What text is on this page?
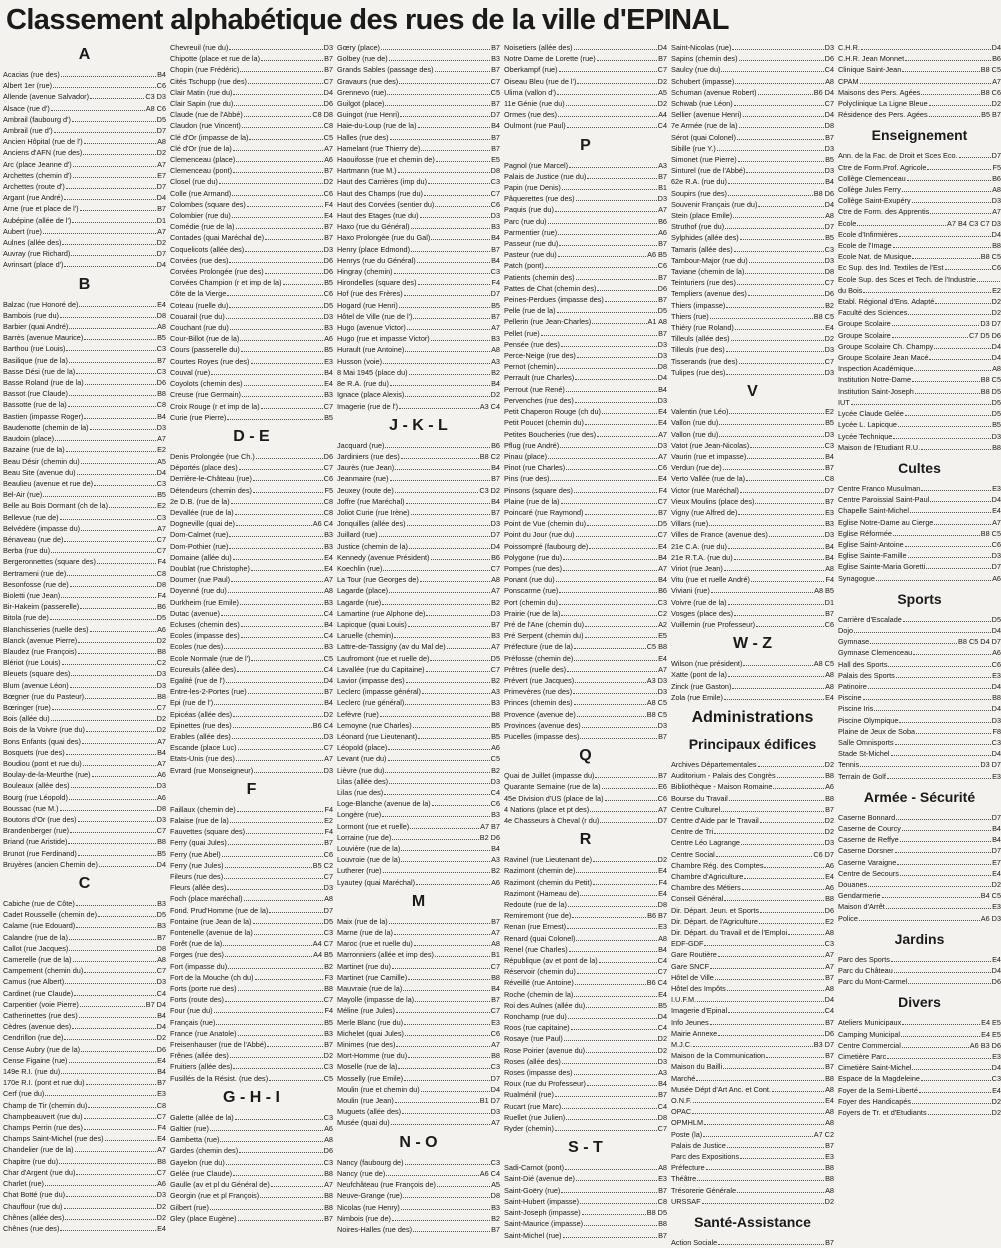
Classement alphabétique des rues de la ville d'EPINAL
A
Acacias (rue des)	B4
Albert 1er (rue)	C6
Allende (avenue Salvador)	C3 D3
Alsace (rue d')	A8 C6
Ambrail (faubourg d')	D5
Ambrail (rue d')	D7
Ancien Hôpital (rue de l')	A8
Anciens d'AFN (rue des)	D2
Arc (place Jeanne d')	A7
Archettes (chemin d')	E7
Archettes (route d')	D7
Argant (rue André)	D4
Arne (rue et place de l')	B7
Aubépine (allée de l')	D1
Aubert (rue)	A7
Aulnes (allée des)	D2
Auvray (rue Richard)	D7
Avrinsart (place d')	D4
B
Balzac (rue Honoré de)	E4
Bambois (rue du)	D8
Barbier (quai André)	A8
Barrès (avenue Maurice)	B5
Barthou (rue Louis)	C3
Basilique (rue de la)	B7
Basse Dési (rue de la)	C3
Basse Roland (rue de la)	D6
Bassot (rue Claude)	B8
Bassotte (rue de la)	C8
Bastien (impasse Roger)	B4
Baudenotte (chemin de la)	D3
Baudoin (place)	A7
Bazaine (rue de la)	E2
Beau Désir (chemin du)	A5
Beau Site (avenue du)	D4
Beaulieu (avenue et rue de)	C3
Bel-Air (rue)	B5
Belle au Bois Dormant (ch de la)	E2
Bellevue (rue de)	C3
Belvédère (impasse du)	A7
Bénaveau (rue de)	C7
Berba (rue du)	C7
Bergeronnettes (square des)	F4
Bertrameni (rue de)	C8
Besonfosse (rue de)	D8
Bioletti (rue Jean)	F4
Bir-Hakeim (passerelle)	B6
Bitola (rue de)	D5
Blanchisseries (ruelle des)	A6
Blanck (avenue Pierre)	D2
Blaudez (rue François)	B8
Blériot (rue Louis)	C2
Bleuets (square des)	D3
Blum (avenue Léon)	D3
Bœgner (rue du Pasteur)	B8
Bœringer (rue)	C7
Bois (allée du)	D2
Bois de la Voivre (rue du)	D2
Bons Enfants (quai des)	A7
Bosquets (rue des)	B4
Boudiou (pont et rue du)	A7
Boulay-de-la-Meurthe (rue)	A6
Bouleaux (allée des)	D3
Bourg (rue Léopold)	A6
Boussac (rue M.)	D8
Boutons d'Or (rue des)	D3
Brandenberger (rue)	C7
Briand (rue Aristide)	B8
Brunot (rue Ferdinand)	B5
Bruyères (ancien Chemin de)	D4
C
Cabiche (rue de Côte)	B3
Cadet Rousselle (chemin de)	D5
Calame (rue Edouard)	B3
Calandre (rue de la)	B7
Callot (rue Jacques)	D8
Camerelle (rue de la)	A8
Campement (chemin du)	C7
Camus (rue Albert)	D3
Cardinet (rue Claude)	C4
Carpentier (voie Pierre)	B7 D4
Catherinettes (rue des)	B4
Cèdres (avenue des)	D4
Cendrillon (rue de)	D2
Cense Aubry (rue de la)	D6
Cense Figaine (rue)	E4
149e R.I. (rue du)	B4
170e R.I. (pont et rue du)	B7
Cerf (rue du)	E3
Champ de Tir (chemin du)	C8
Champbeauvert (rue du)	C7
Champs Perrin (rue des)	F4
Champs Saint-Michel (rue des)	E4
Chandelier (rue de la)	A7
Chapitre (rue du)	B8
Char d'Argent (rue du)	C7
Charlet (rue)	A6
Chat Botté (rue du)	D3
Chauffour (rue du)	D2
Chênes (allée des)	D2
Chênes (rue des)	E4
Chevreuil (rue du)	D3
Chipotte (place et rue de la)	B7
Chopin (rue Frédéric)	B7
Cités Tschupp (rue des)	C7
Clair Matin (rue du)	D4
Clair Sapin (rue du)	D6
Claude (rue de l'Abbé)	C8 D8
Claudon (rue Vincent)	C8
Clé d'Or (impasse de la)	C5
Clé d'Or (rue de la)	A7
Clemenceau (place)	A6
Clemenceau (pont)	B7
Closel (rue du)	D2
Colle (rue Armand)	C6
Colombes (square des)	F4
Colombier (rue du)	E4
Comédie (rue de la)	B7
Contades (quai Maréchal de)	B7
Coquelicots (allée des)	D3
Corvées (rue des)	D6
Corvées Prolongée (rue des)	D6
Corvées Champion (r et imp de la)	B5
Côte de la Vierge	C6
Coteau (ruelle du)	D5
Couarail (rue du)	D3
Couchant (rue du)	B3
Cour-Billot (rue de la)	A6
Cours (passerelle du)	B5
Courtes Royes (rue des)	E3
Couval (rue)	B4
Coyolots (chemin des)	E4
Creuse (rue Germain)	B3
Croix Rouge (r et imp de la)	C7
Curie (rue Pierre)	B5
D - E
Denis Prolongée (rue Ch.)	D6
Déportés (place des)	C7
Derrière-le-Château (rue)	C6
Détendeurs (chemin des)	F5
2e D.B. (rue de la)	C8
Devallée (rue de la)	C8
Dogneville (quai de)	A6 C4
Dom-Calmet (rue)	B3
Dom-Pothier (rue)	B3
Domaine (allée du)	E4
Doublat (rue Christophe)	E4
Doumer (rue Paul)	A7
Doyenné (rue du)	A8
Durkheim (rue Emile)	B3
Dutac (avenue)	C4
Ecluses (chemin des)	B4
Ecoles (impasse des)	C4
Ecoles (rue des)	B3
Ecole Normale (rue de l')	C5
Ecureuils (allée des)	C4
Egalité (rue de l')	D4
Entre-les-2-Portes (rue)	B7
Epi (rue de l')	B4
Epicéas (allée des)	D2
Epinettes (rue des)	B6 C4
Erables (allée des)	D3
Escande (place Luc)	C7
Etats-Unis (rue des)	A7
Evrard (rue Monseigneur)	D3
F
Faillaux (chemin de)	F4
Falaise (rue de la)	E2
Fauvettes (square des)	F4
Ferry (quai Jules)	B7
Ferry (rue Abel)	C6
Ferry (rue Jules)	B5 C2
Fileurs (rue des)	C7
Fleurs (allée des)	D3
Foch (place maréchal)	A8
Fond. Prud'Homme (rue de la)	D7
Fontaine (rue Jean de la)	D5
Fontenelle (avenue de la)	C3
Forêt (rue de la)	A4 C7
Forges (rue des)	A4 B5
Fort (impasse du)	B2
Fort de la Mouche (ch du)	F3
Forts (porte rue des)	B8
Forts (route des)	C7
Four (rue du)	F4
Français (rue)	B5
France (rue Anatole)	B3
Freisenhauser (rue de l'Abbé)	B7
Frênes (allée des)	D2
Fruitiers (allée des)	C3
Fusillés de la Résist. (rue des)	C5
G - H - I
Galette (allée de la)	C3
Galtier (rue)	A6
Gambetta (rue)	A8
Gardes (chemin des)	D6
Gayelon (rue du)	C3
Gelée (rue Claude)	B8
Gaulle (av et pl du Général de)	A7
Georgin (rue et pl François)	B8
Gilbert (rue)	B8
Gley (place Eugène)	B7
Gœry (place)	B7
Golbey (rue de)	B3
Grands Sables (passage des)	B7
Gravaurs (rue des)	C7
Grennevo (rue)	C5
Guilgot (place)	B7
Guingot (rue Henri)	D7
Haie-du-Loup (rue de la)	B4
Halles (rue des)	B7
Hamelant (rue Thierry de)	B7
Haouifosse (rue et chemin de)	E5
Hartmann (rue M.)	D8
Haut des Carrières (imp du)	C3
Haut des Champs (rue du)	C7
Haut des Corvées (sentier du)	C6
Haut des Etages (rue du)	D3
Haxo (rue du Général)	B3
Haxo Prolongée (rue du Gal)	B4
Henry (place Edmond)	B7
Henrys (rue du Général)	B4
Hingray (chemin)	C3
Hirondelles (square des)	F4
Hof (rue des Frères)	D7
Hogard (rue Henri)	B5
Hôtel de Ville (rue de l')	B7
Hugo (avenue Victor)	A7
Hugo (rue et impasse Victor)	B3
Hurault (rue Antoine)	A8
Husson (voie)	A3
8 Mai 1945 (place du)	B2
8e R.A. (rue du)	B4
Ignace (place Alexis)	D2
Imagerie (rue de l')	A3 C4
J - K - L
Jacquard (rue)	B6
Jardiniers (rue des)	B8 C2
Jaurès (rue Jean)	B4
Jeanmaire (rue)	B7
Jeuxey (route de)	C3 D2
Joffre (rue Maréchal)	B4
Joliot Curie (rue Irène)	B7
Jonquilles (allée des)	D3
Juillard (rue)	D7
Justice (chemin de la)	D4
Kennedy (avenue Président)	B6
Koechlin (rue)	C7
La Tour (rue Georges de)	A8
Lagarde (place)	A7
Lagarde (rue)	B2
Lamartine (rue Alphone de)	D3
Lapicque (quai Louis)	B7
Laruelle (chemin)	B3
Lattre-de-Tassigny (av du Mal de)	A7
Laufromont (rue et ruelle de)	D5
Lavallée (rue du Capitaine)	C7
Lavior (impasse des)	B2
Leclerc (impasse général)	A3
Leclerc (rue général)	B3
Lefèvre (rue)	B8
Lemoyne (rue Charles)	B5
Léonard (rue Lieutenant)	B5
Léopold (place)	A6
Levant (rue du)	C5
Lièvre (rue du)	B2
Lilas (allée des)	D3
Lilas (rue des)	C4
Loge-Blanche (avenue de la)	C6
Longère (rue)	B3
Lormont (rue et ruelle)	A7 B7
Lorraine (rue de)	B2 D6
Louvière (rue de la)	B4
Louvroie (rue de la)	A3
Lutherer (rue)	B2
Lyautey (quai Maréchal)	A6
M
Maix (rue de la)	B7
Marne (rue de la)	A7
Maroc (rue et ruelle du)	A8
Marronniers (allée et imp des)	B1
Martinet (rue du)	C7
Martinet (rue Camille)	B8
Mauvraie (rue de la)	B4
Mayolle (impasse de la)	B7
Méline (rue Jules)	C7
Merle Blanc (rue du)	E3
Michelet (quai Jules)	C6
Minimes (rue des)	A7
Mort-Homme (rue du)	B8
Moselle (rue de la)	C3
Mosselly (rue Emile)	D7
Moulin (rue et chemin du)	D4
Moulin (rue Jean)	B1 D7
Muguets (allée des)	D3
Musée (quai du)	A7
N - O
Nancy (faubourg de)	C3
Nancy (rue de)	A6 C4
Neufchâteau (rue François de)	A5
Neuve-Grange (rue)	D8
Nicolas (rue Henry)	B3
Nimbois (rue de)	B2
Noires-Halles (rue des)	B7
Noisetiers (allée des)	D4
Notre Dame de Lorette (rue)	B7
Oberkampf (rue)	C7
Oiseau Bleu (rue de l')	D2
Ulima (vallon d')	A5
11e Génie (rue du)	D2
Ormes (rue des)	A4
Oulmont (rue Paul)	C4
P
Pagnol (rue Marcel)	A3
Palais de Justice (rue du)	B7
Papin (rue Denis)	B1
Pâquerettes (rue des)	D3
Paquis (rue du)	A7
Parc (rue du)	B6
Parmentier (rue)	A6
Passeur (rue du)	B7
Pasteur (rue du)	A6 B5
Patch (pont)	C6
Patients (chemin des)	B7
Pattes de Chat (chemin des)	D6
Peines-Perdues (impasse des)	B7
Pelle (rue de la)	D5
Pellerin (rue Jean-Charles)	A1 A8
Pellet (rue)	B7
Pensée (rue des)	D3
Perce-Neige (rue des)	D3
Pernot (chemin)	D8
Perrault (rue Charles)	D4
Perrout (rue René)	B4
Pervenches (rue des)	D3
Petit Chaperon Rouge (ch du)	E4
Petit Poucet (chemin du)	E4
Petites Boucheries (rue des)	A7
Pflug (rue André)	D3
Pinau (place)	A7
Pinot (rue Charles)	C6
Pins (rue des)	E4
Pinsons (square des)	F4
Plaine (rue de la)	C7
Poincaré (rue Raymond)	B7
Point de Vue (chemin du)	D5
Point du Jour (rue du)	C7
Poissompré (faubourg de)	E4
Polygone (rue du)	B4
Pompes (rue des)	A7
Ponant (rue du)	B4
Ponscarme (rue)	B6
Port (chemin du)	C3
Prairie (rue de la)	C2
Pré de l'Ane (chemin du)	A2
Pré Serpent (chemin du)	E5
Préfecture (rue de la)	C5 B8
Préfosse (chemin de)	E4
Prêtres (ruelle des)	A7
Prévert (rue Jacques)	A3 D3
Primevères (rue des)	D3
Princes (chemin des)	A8 C5
Provence (avenue de)	B8 C5
Provinces (avenue des)	D3
Pucelles (impasse des)	B7
Q
Quai de Juillet (impasse du)	B7
Quarante Semaine (rue de la)	E6
45e Division d'US (place de la)	C6
4 Nations (place et pt des)	A7
4e Chasseurs à Cheval (r du)	D7
R
Ravinel (rue Lieutenant de)	D2
Razimont (chemin de)	E4
Razimont (chemin du Petit)	F4
Razimont (Hameau de)	E4
Redoute (rue de la)	D8
Remiremont (rue de)	B6 B7
Renan (rue Ernest)	E3
Renard (quai Colonel)	A8
Renel (rue Charles)	B4
République (av et pont de la)	C4
Réservoir (chemin du)	C7
Réveillé (rue Antoine)	B6 C4
Roche (chemin de la)	E4
Roi des Aulnes (allée du)	B5
Ronchamp (rue du)	D4
Roos (rue capitaine)	C4
Rosaye (rue Paul)	D2
Rose Poirier (avenue du)	D2
Roses (allée des)	D3
Roses (impasse des)	A3
Roux (rue du Professeur)	B4
Rualménil (rue)	B7
Rucart (rue Marc)	C4
Ruellet (rue Julien)	D8
Ryder (chemin)	C7
S - T
Sadi-Carnot (pont)	A8
Saint-Dié (avenue de)	E3
Saint-Goëry (rue)	B7
Saint-Hubert (impasse)	C8
Saint-Joseph (impasse)	B8 D5
Saint-Maurice (impasse)	B8
Saint-Michel (rue)	B7
Saint-Nicolas (rue)	D3
Sapins (chemin des)	D6
Saulcy (rue du)	C4
Schubert (impasse)	A8
Schuman (avenue Robert)	B6 D4
Schwab (rue Léon)	C7
Sellier (avenue Henri)	D4
7e Armée (rue de la)	D8
Sérot (quai Colonel)	B7
Sibille (rue Y.)	D3
Simonet (rue Pierre)	B5
Sinturel (rue de l'Abbé)	D3
62e R.A. (rue du)	B4
Soupirs (rue des)	B8 D6
Souvenir Français (rue du)	D4
Stein (place Emile)	A8
Struthof (rue du)	D7
Sylphides (allée des)	B5
Tamaris (allée des)	C3
Tambour-Major (rue du)	D3
Taviane (chemin de la)	D8
Teinturiers (rue des)	C7
Templiers (avenue des)	D6
Thiers (impasse)	B2
Thiers (rue)	B8 C5
Thiéry (rue Roland)	E4
Tilleuls (allée des)	D2
Tilleuls (rue des)	D3
Tisserands (rue des)	C7
Tulipes (rue des)	D3
V
Valentin (rue Léo)	E2
Vallon (rue du)	B5
Vallon (rue du)	D3
Vatot (rue Jean-Nicolas)	C3
Vaurin (rue et impasse)	B4
Verdun (rue de)	B7
Verto Vallée (rue de la)	C8
Victor (rue Maréchal)	D7
Vieux Moulins (place des)	B7
Vigny (rue Alfred de)	E3
Villars (rue)	B3
Villes de France (avenue des)	D3
21e C.A. (rue du)	B4
21e R.T.A. (rue du)	B4
Viriot (rue Jean)	A8
Vitu (rue et ruelle André)	F4
Viviani (rue)	A8 B5
Voivre (rue de la)	D1
Vosges (place des)	B7
Vuillemin (rue Professeur)	C6
W - Z
Wilson (rue président)	A8 C5
Xatte (pont de la)	A8
Zinck (rue Gaston)	A8
Zola (rue Emile)	E4
Administrations
Principaux édifices
Archives Départementales	D2
Auditorium - Palais des Congrès	B8
Bibliothèque - Maison Romaine	A6
Bourse du Travail	B8
Centre Culturel	B7
Centre d'Aide par le Travail	D2
Centre de Tri	D2
Centre Léo Lagrange	D3
Centre Social	C6 D7
Chambre Rég. des Comptes	A6
Chambre d'Agriculture	E4
Chambre des Métiers	A6
Conseil Général	B8
Dir. Départ. Jeun. et Sports	D6
Dir. Départ. de l'Agriculture	E2
Dir. Départ. du Travail et de l'Emploi	A8
EDF-GDF	C3
Gare Routière	A7
Gare SNCF	A7
Hôtel de Ville	B7
Hôtel des Impôts	A8
I.U.F.M.	D4
Imagerie d'Epinal	C4
Info Jeunes	B7
Mairie Annexe	D6
M.J.C.	B3 D7
Maison de la Communication	B7
Maison du Bailli	B7
Marché	B8
Musée Dépt d'Art Anc. et Cont.	A8
O.N.F.	E4
OPAC	A8
OPMHLM	A8
Poste (la)	A7 C2
Palais de Justice	B7
Parc des Expositions	E3
Préfecture	B8
Théâtre	B8
Trésorerie Générale	A8
URSSAF	D2
Santé-Assistance
Action Sociale	B7
C.H.R.	D4
C.H.R. Jean Monnet	B6
Clinique Saint-Jean	B8 C5
CPAM	A7
Maisons des Pers. Agées	B8 C6
Polyclinique La Ligne Bleue	D2
Résidence des Pers. Agées	B5 B7
Enseignement
Ann. de la Fac. de Droit et Sces Eco.	D7
Ctre de Form.Prof. Agricole	F5
Collège Clemenceau	B6
Collège Jules Ferry	A8
Collège Saint-Exupéry	D3
Ctre de Form. des Apprentis	A7
Ecole	A7 B4 C3 C7 D3
Ecole d'Infirmières	D4
Ecole de l'Image	B8
Ecole Nat. de Musique	B8 C5
Ec Sup. des Ind. Textiles de l'Est	C6
Ecole Sup. des Sces et Tech. de l'Industrie
du Bois	E2
Etabl. Régional d'Ens. Adapté	D2
Faculté des Sciences	D2
Groupe Scolaire	D3 D7
Groupe Scolaire	C7 D5 D6
Groupe Scolaire Ch. Champy	D4
Groupe Scolaire Jean Macé	D4
Inspection Académique	A8
Institution Notre-Dame	B8 C5
Institution Saint-Joseph	B8 D5
IUT	D5
Lycée Claude Gelée	D5
Lycée L. Lapicque	B5
Lycée Technique	D3
Maison de l'Etudiant R.U.	B8
Cultes
Centre Franco Musulman	E3
Centre Paroissial Saint-Paul	D4
Chapelle Saint-Michel	E4
Eglise Notre-Dame au Cierge	A7
Eglise Réformée	B8 C5
Eglise Saint-Antoine	C6
Eglise Sainte-Famille	D3
Eglise Sainte-Maria Goretti	D7
Synagogue	A6
Sports
Carrière d'Escalade	D5
Dojo	D4
Gymnase	B8 C5 D4 D7
Gymnase Clemenceau	A6
Hall des Sports	C6
Palais des Sports	E3
Patinoire	D4
Piscine	B8
Piscine Iris	D4
Piscine Olympique	D3
Plaine de Jeux de Soba	F8
Salle Omnisports	C3
Stade St-Michel	D4
Tennis	D3 D7
Terrain de Golf	E3
Armée - Sécurité
Caserne Bonnard	D7
Caserne de Courcy	B4
Caserne de Reffye	B4
Caserne Dorsner	D7
Caserne Varaigne	E7
Centre de Secours	E4
Douanes	D2
Gendarmerie	B4 C5
Maison d'Arrêt	E3
Police	A6 D3
Jardins
Parc des Sports	E4
Parc du Château	D4
Parc du Mont-Carmel	D6
Divers
Ateliers Municipaux	E4 E5
Camping Municipal	E4 E5
Centre Commercial	A6 B3 D6
Cimetière Parc	E3
Cimetière Saint-Michel	D4
Espace de la Magdeleine	C3
Foyer de la Semi-Liberté	E4
Foyer des Handicapés	D2
Foyers de Tr. et d'Etudiants	D2
